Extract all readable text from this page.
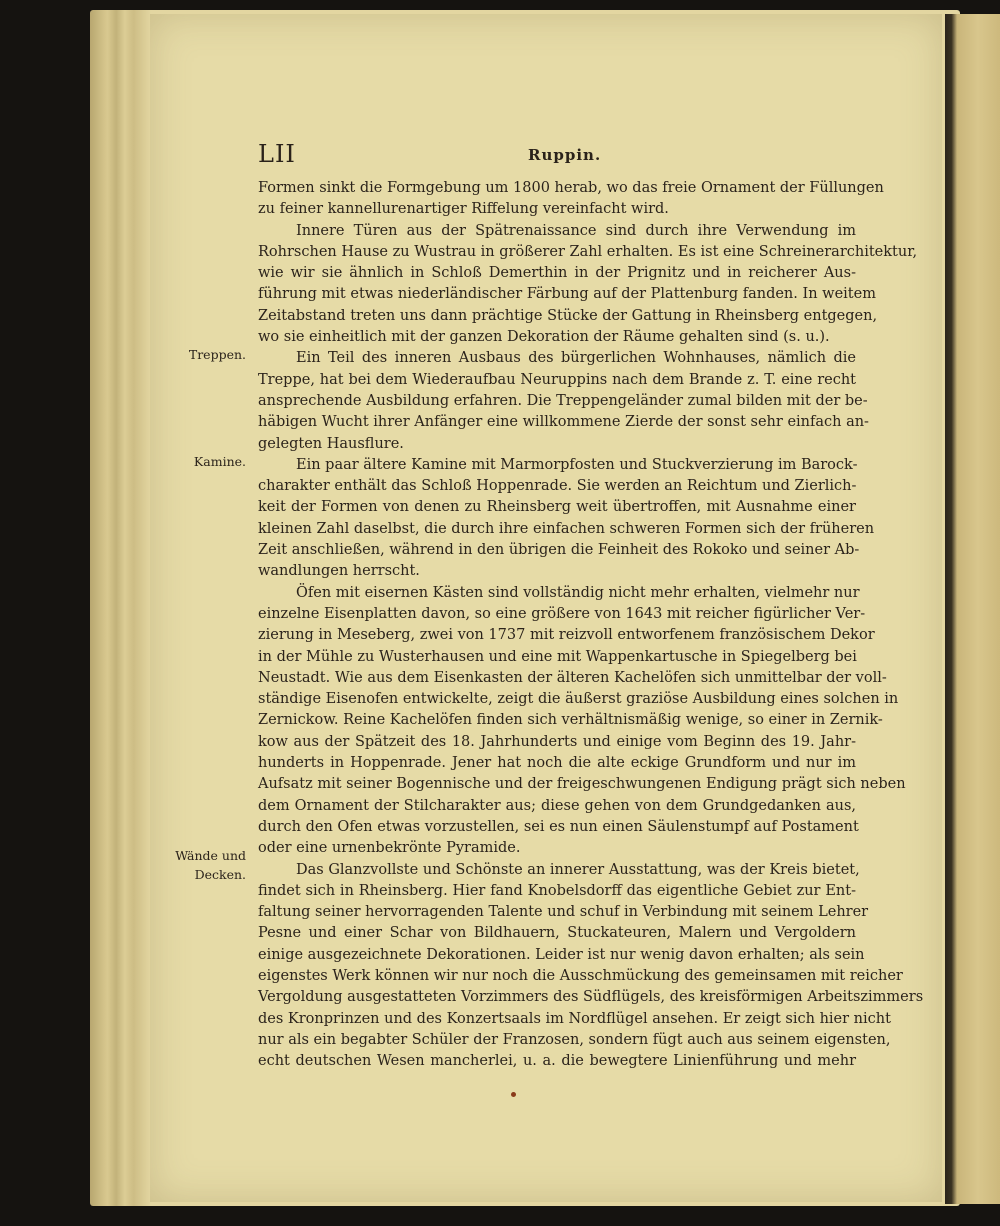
LII	Ruppin.
Treppen.
Kamine.
Wände und
Decken.
Formen sinkt die Formgebung um 1800 herab, wo das freie Ornament der Füllungen
zu feiner kannellurenartiger Riffelung vereinfacht wird.
Innere Türen aus der Spätrenaissance sind durch ihre Verwendung im
Rohrschen Hause zu Wustrau in größerer Zahl erhalten. Es ist eine Schreinerarchitektur,
wie wir sie ähnlich in Schloß Demerthin in der Prignitz und in reicherer Aus-
führung mit etwas niederländischer Färbung auf der Plattenburg fanden. In weitem
Zeitabstand treten uns dann prächtige Stücke der Gattung in Rheinsberg entgegen,
wo sie einheitlich mit der ganzen Dekoration der Räume gehalten sind (s. u.).
Ein Teil des inneren Ausbaus des bürgerlichen Wohnhauses, nämlich die
Treppe, hat bei dem Wiederaufbau Neuruppins nach dem Brande z. T. eine recht
ansprechende Ausbildung erfahren. Die Treppengeländer zumal bilden mit der be-
häbigen Wucht ihrer Anfänger eine willkommene Zierde der sonst sehr einfach an-
gelegten Hausflure.
Ein paar ältere Kamine mit Marmorpfosten und Stuckverzierung im Barock-
charakter enthält das Schloß Hoppenrade. Sie werden an Reichtum und Zierlich-
keit der Formen von denen zu Rheinsberg weit übertroffen, mit Ausnahme einer
kleinen Zahl daselbst, die durch ihre einfachen schweren Formen sich der früheren
Zeit anschließen, während in den übrigen die Feinheit des Rokoko und seiner Ab-
wandlungen herrscht.
Öfen mit eisernen Kästen sind vollständig nicht mehr erhalten, vielmehr nur
einzelne Eisenplatten davon, so eine größere von 1643 mit reicher figürlicher Ver-
zierung in Meseberg, zwei von 1737 mit reizvoll entworfenem französischem Dekor
in der Mühle zu Wusterhausen und eine mit Wappenkartusche in Spiegelberg bei
Neustadt. Wie aus dem Eisenkasten der älteren Kachelöfen sich unmittelbar der voll-
ständige Eisenofen entwickelte, zeigt die äußerst graziöse Ausbildung eines solchen in
Zernickow. Reine Kachelöfen finden sich verhältnismäßig wenige, so einer in Zernik-
kow aus der Spätzeit des 18. Jahrhunderts und einige vom Beginn des 19. Jahr-
hunderts in Hoppenrade. Jener hat noch die alte eckige Grundform und nur im
Aufsatz mit seiner Bogennische und der freigeschwungenen Endigung prägt sich neben
dem Ornament der Stilcharakter aus; diese gehen von dem Grundgedanken aus,
durch den Ofen etwas vorzustellen, sei es nun einen Säulenstumpf auf Postament
oder eine urnenbekrönte Pyramide.
Das Glanzvollste und Schönste an innerer Ausstattung, was der Kreis bietet,
findet sich in Rheinsberg. Hier fand Knobelsdorff das eigentliche Gebiet zur Ent-
faltung seiner hervorragenden Talente und schuf in Verbindung mit seinem Lehrer
Pesne und einer Schar von Bildhauern, Stuckateuren, Malern und Vergoldern
einige ausgezeichnete Dekorationen. Leider ist nur wenig davon erhalten; als sein
eigenstes Werk können wir nur noch die Ausschmückung des gemeinsamen mit reicher
Vergoldung ausgestatteten Vorzimmers des Südflügels, des kreisförmigen Arbeitszimmers
des Kronprinzen und des Konzertsaals im Nordflügel ansehen. Er zeigt sich hier nicht
nur als ein begabter Schüler der Franzosen, sondern fügt auch aus seinem eigensten,
echt deutschen Wesen mancherlei, u. a. die bewegtere Linienführung und mehr
